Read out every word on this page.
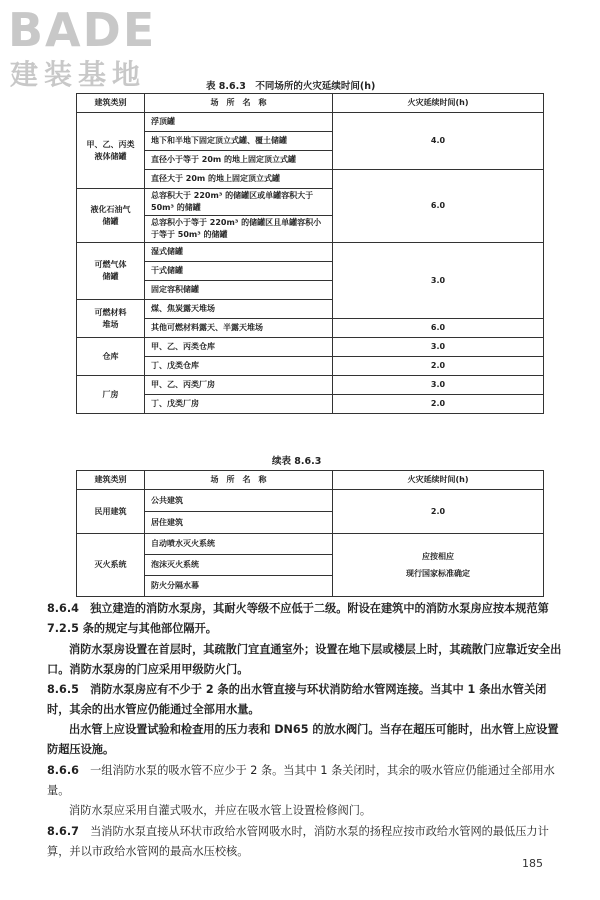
BADE
建装基地	表 8.6.3　不同场所的火灾延续时间(h)
建筑类别	场　所　名　称	火灾延续时间(h)

甲、乙、丙类
液体储罐	浮顶罐	4.0
	地下和半地下固定顶立式罐、覆土储罐	
	直径小于等于 20m 的地上固定顶立式罐	
	直径大于 20m 的地上固定顶立式罐	6.0

液化石油气
储罐	总容积大于 220m³ 的储罐区或单罐容积大于 50m³ 的储罐	
	总容积小于等于 220m³ 的储罐区且单罐容积小于等于 50m³ 的储罐	

可燃气体
储罐	湿式储罐	3.0
	干式储罐	
	固定容积储罐	

可燃材料
堆场	煤、焦炭露天堆场	
	其他可燃材料露天、半露天堆场	6.0
仓库	甲、乙、丙类仓库	3.0
	丁、戊类仓库	2.0
厂房	甲、乙、丙类厂房	3.0
	丁、戊类厂房	2.0
续表 8.6.3
建筑类别	场　所　名　称	火灾延续时间(h)
民用建筑	公共建筑	2.0
	居住建筑	
灭火系统	自动喷水灭火系统	应按相应
现行国家标准确定

	泡沫灭火系统	
	防火分隔水幕	
8.6.4　 独立建造的消防水泵房，其耐火等级不应低于二级。附设在建筑中的消防水泵房应按本规范第 7.2.5 条的规定与其他部位隔开。
消防水泵房设置在首层时，其疏散门宜直通室外；设置在地下层或楼层上时，其疏散门应靠近安全出口。消防水泵房的门应采用甲级防火门。
8.6.5　 消防水泵房应有不少于 2 条的出水管直接与环状消防给水管网连接。当其中 1 条出水管关闭时，其余的出水管应仍能通过全部用水量。
出水管上应设置试验和检查用的压力表和 DN65 的放水阀门。当存在超压可能时，出水管上应设置防超压设施。
8.6.6　 一组消防水泵的吸水管不应少于 2 条。当其中 1 条关闭时，其余的吸水管应仍能通过全部用水量。
消防水泵应采用自灌式吸水，并应在吸水管上设置检修阀门。
8.6.7　 当消防水泵直接从环状市政给水管网吸水时，消防水泵的扬程应按市政给水管网的最低压力计算，并以市政给水管网的最高水压校核。
185
